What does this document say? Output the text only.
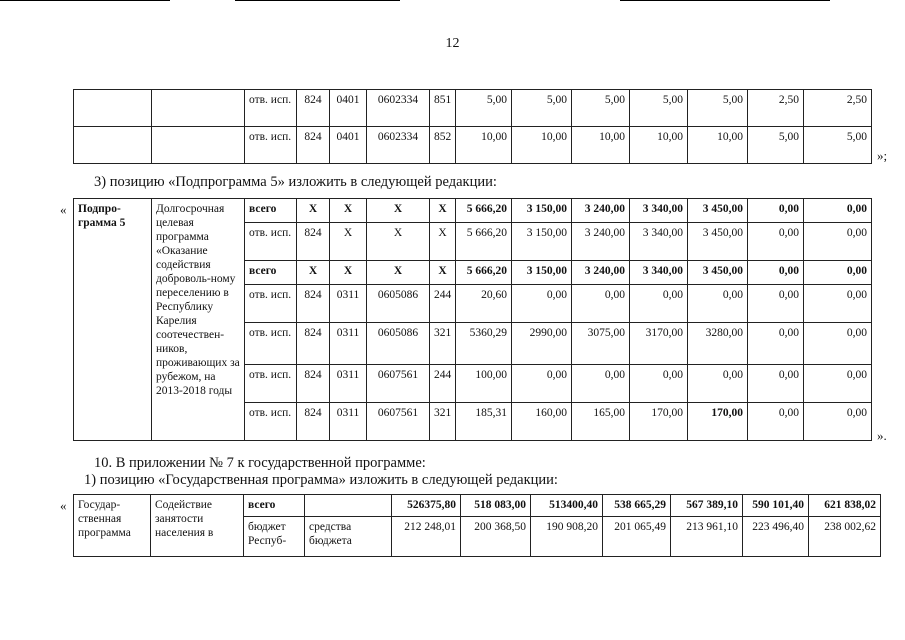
12
		отв. исп.	824	0401	0602334	851	5,00	5,00	5,00	5,00	5,00	2,50	2,50
		отв. исп.	824	0401	0602334	852	10,00	10,00	10,00	10,00	10,00	5,00	5,00
»;
3) позицию «Подпрограмма 5» изложить в следующей редакции:
« Подпро-грамма 5	Долгосрочная целевая программа «Оказание содействия доброволь-ному переселению в Республику Карелия соотечествен-ников, проживающих за рубежом, на 2013-2018 годы	всего	X	X	X	X	5 666,20	3 150,00	3 240,00	3 340,00	3 450,00	0,00	0,00
		отв. исп.	824	X	X	X	5 666,20	3 150,00	3 240,00	3 340,00	3 450,00	0,00	0,00
		всего	X	X	X	X	5 666,20	3 150,00	3 240,00	3 340,00	3 450,00	0,00	0,00
		отв. исп.	824	0311	0605086	244	20,60	0,00	0,00	0,00	0,00	0,00	0,00
		отв. исп.	824	0311	0605086	321	5360,29	2990,00	3075,00	3170,00	3280,00	0,00	0,00
		отв. исп.	824	0311	0607561	244	100,00	0,00	0,00	0,00	0,00	0,00	0,00
		отв. исп.	824	0311	0607561	321	185,31	160,00	165,00	170,00	170,00	0,00	0,00
».
10. В приложении № 7 к государственной программе:
1) позицию «Государственная программа» изложить в следующей редакции:
« Государ-ственная программа	Содействие занятости населения в	всего		526375,80	518 083,00	513400,40	538 665,29	567 389,10	590 101,40	621 838,02
		бюджет Респуб-	средства бюджета	212 248,01	200 368,50	190 908,20	201 065,49	213 961,10	223 496,40	238 002,62
